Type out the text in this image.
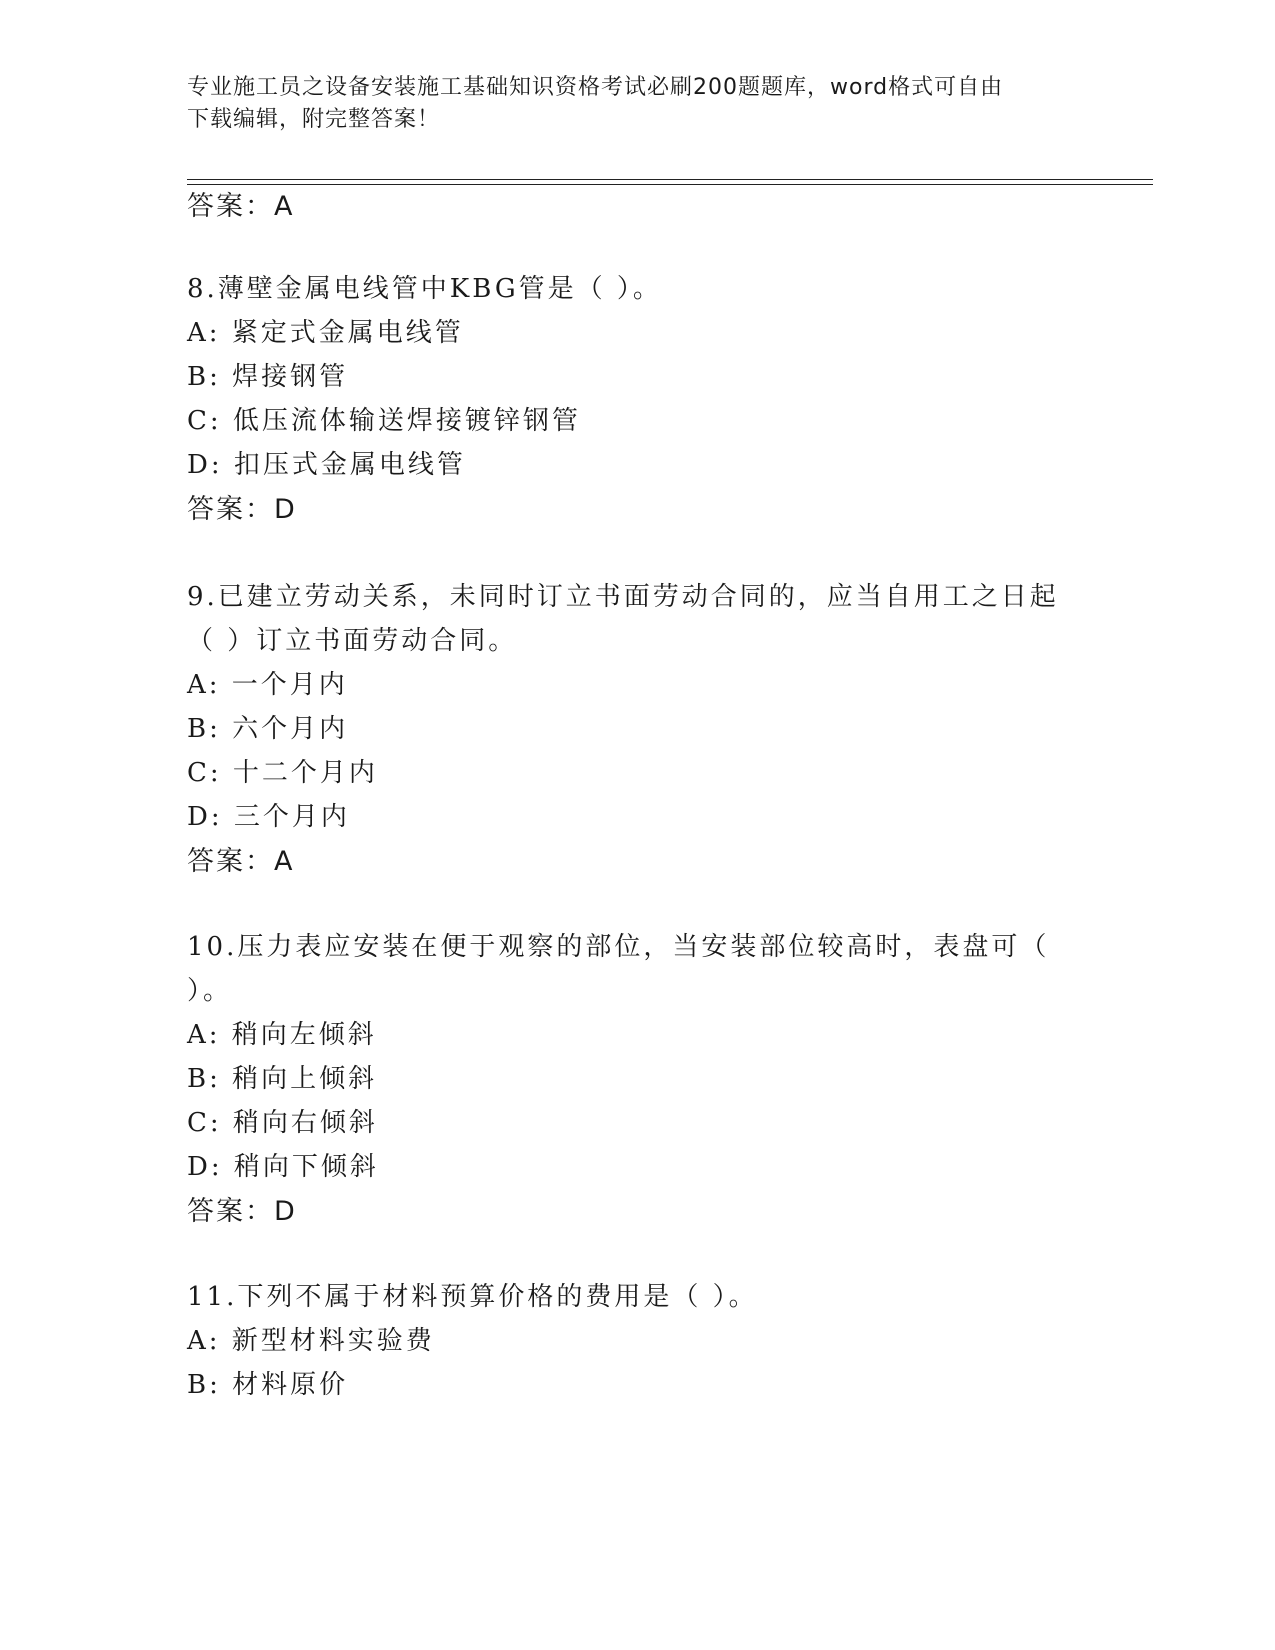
专业施工员之设备安装施工基础知识资格考试必刷200题题库，word格式可自由
下载编辑，附完整答案！
答案：A
8.薄壁金属电线管中KBG管是（ ）。
A: 紧定式金属电线管
B: 焊接钢管
C: 低压流体输送焊接镀锌钢管
D: 扣压式金属电线管
答案：D
9.已建立劳动关系，未同时订立书面劳动合同的，应当自用工之日起
（ ）订立书面劳动合同。
A: 一个月内
B: 六个月内
C: 十二个月内
D: 三个月内
答案：A
10.压力表应安装在便于观察的部位，当安装部位较高时，表盘可（
）。
A: 稍向左倾斜
B: 稍向上倾斜
C: 稍向右倾斜
D: 稍向下倾斜
答案：D
11.下列不属于材料预算价格的费用是（ ）。
A: 新型材料实验费
B: 材料原价
